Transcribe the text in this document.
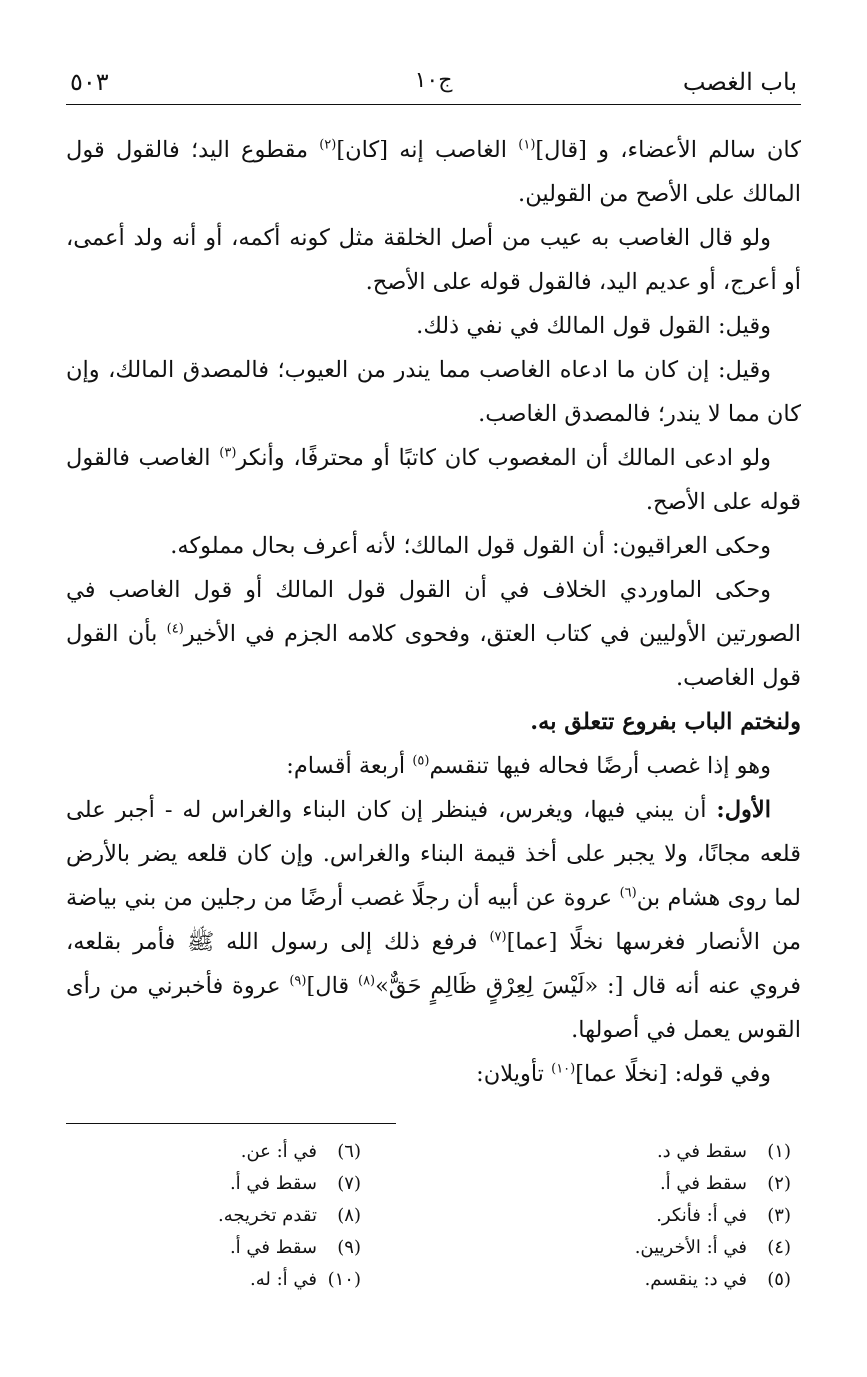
باب الغصب
ج١٠
٥٠٣

كان سالم الأعضاء، و [قال]$^{(١)}$ الغاصب إنه [كان]$^{(٢)}$ مقطوع اليد؛ فالقول قول المالك على الأصح من القولين.

ولو قال الغاصب به عيب من أصل الخلقة مثل كونه أكمه، أو أنه ولد أعمى، أو أعرج، أو عديم اليد، فالقول قوله على الأصح.

وقيل: القول قول المالك في نفي ذلك.

وقيل: إن كان ما ادعاه الغاصب مما يندر من العيوب؛ فالمصدق المالك، وإن كان مما لا يندر؛ فالمصدق الغاصب.

ولو ادعى المالك أن المغصوب كان كاتبًا أو محترفًا، وأنكر$^{(٣)}$ الغاصب فالقول قوله على الأصح.

وحكى العراقيون: أن القول قول المالك؛ لأنه أعرف بحال مملوكه.

وحكى الماوردي الخلاف في أن القول قول المالك أو قول الغاصب في الصورتين الأوليين في كتاب العتق، وفحوى كلامه الجزم في الأخير$^{(٤)}$ بأن القول قول الغاصب.

ولنختم الباب بفروع تتعلق به.

وهو إذا غصب أرضًا فحاله فيها تنقسم$^{(٥)}$ أربعة أقسام:

الأول: أن يبني فيها، ويغرس، فينظر إن كان البناء والغراس له - أجبر على قلعه مجانًا، ولا يجبر على أخذ قيمة البناء والغراس. وإن كان قلعه يضر بالأرض لما روى هشام بن$^{(٦)}$ عروة عن أبيه أن رجلًا غصب أرضًا من رجلين من بني بياضة من الأنصار فغرسها نخلًا [عما]$^{(٧)}$ فرفع ذلك إلى رسول الله ﷺ فأمر بقلعه، فروي عنه أنه قال [: «لَيْسَ لِعِرْقٍ ظَالِمٍ حَقٌّ»$^{(٨)}$ قال]$^{(٩)}$ عروة فأخبرني من رأى القوس يعمل في أصولها.

وفي قوله: [نخلًا عما]$^{(١٠)}$ تأويلان:

(١)سقط في د.
(٢)سقط في أ.
(٣)في أ: فأنكر.
(٤)في أ: الأخريين.
(٥)في د: ينقسم.
(٦)في أ: عن.
(٧)سقط في أ.
(٨)تقدم تخريجه.
(٩)سقط في أ.
(١٠)في أ: له.
